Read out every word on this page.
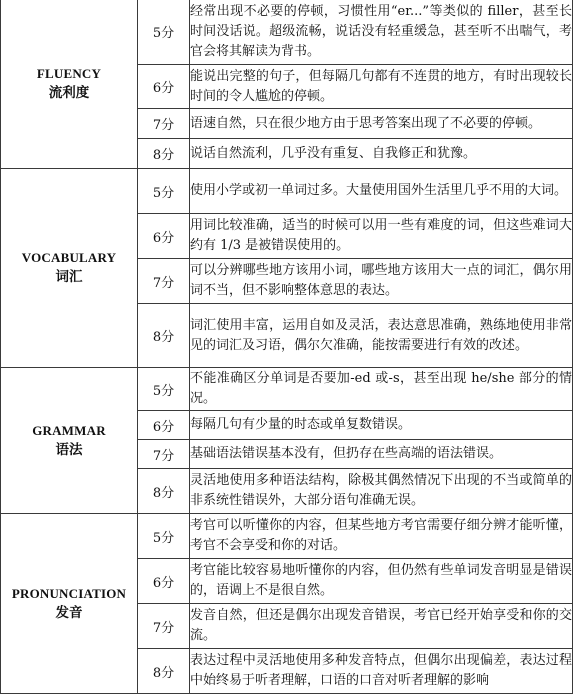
FLUENCY
流利度	5分	经常出现不必要的停顿，习惯性用“er...”等类似的 filler，甚至长时间没话说。超级流畅，说话没有轻重缓急，甚至听不出喘气，考官会将其解读为背书。
	6分	能说出完整的句子，但每隔几句都有不连贯的地方，有时出现较长时间的令人尴尬的停顿。
	7分	语速自然，只在很少地方由于思考答案出现了不必要的停顿。
	8分	说话自然流利，几乎没有重复、自我修正和犹豫。

VOCABULARY
词汇	5分	使用小学或初一单词过多。大量使用国外生活里几乎不用的大词。
	6分	用词比较准确，适当的时候可以用一些有难度的词，但这些难词大约有 1/3 是被错误使用的。
	7分	可以分辨哪些地方该用小词，哪些地方该用大一点的词汇，偶尔用词不当，但不影响整体意思的表达。
	8分	词汇使用丰富，运用自如及灵活，表达意思准确，熟练地使用非常见的词汇及习语，偶尔欠准确，能按需要进行有效的改述。

GRAMMAR
语法	5分	不能准确区分单词是否要加-ed 或-s，甚至出现 he/she 部分的情况。
	6分	每隔几句有少量的时态或单复数错误。
	7分	基础语法错误基本没有，但扔存在些高端的语法错误。
	8分	灵活地使用多种语法结构，除极其偶然情况下出现的不当或简单的非系统性错误外，大部分语句准确无误。

PRONUNCIATION
发音	5分	考官可以听懂你的内容，但某些地方考官需要仔细分辨才能听懂，考官不会享受和你的对话。
	6分	考官能比较容易地听懂你的内容，但仍然有些单词发音明显是错误的，语调上不是很自然。
	7分	发音自然，但还是偶尔出现发音错误，考官已经开始享受和你的交流。
	8分	表达过程中灵活地使用多种发音特点，但偶尔出现偏差，表达过程中始终易于听者理解，口语的口音对听者理解的影响
